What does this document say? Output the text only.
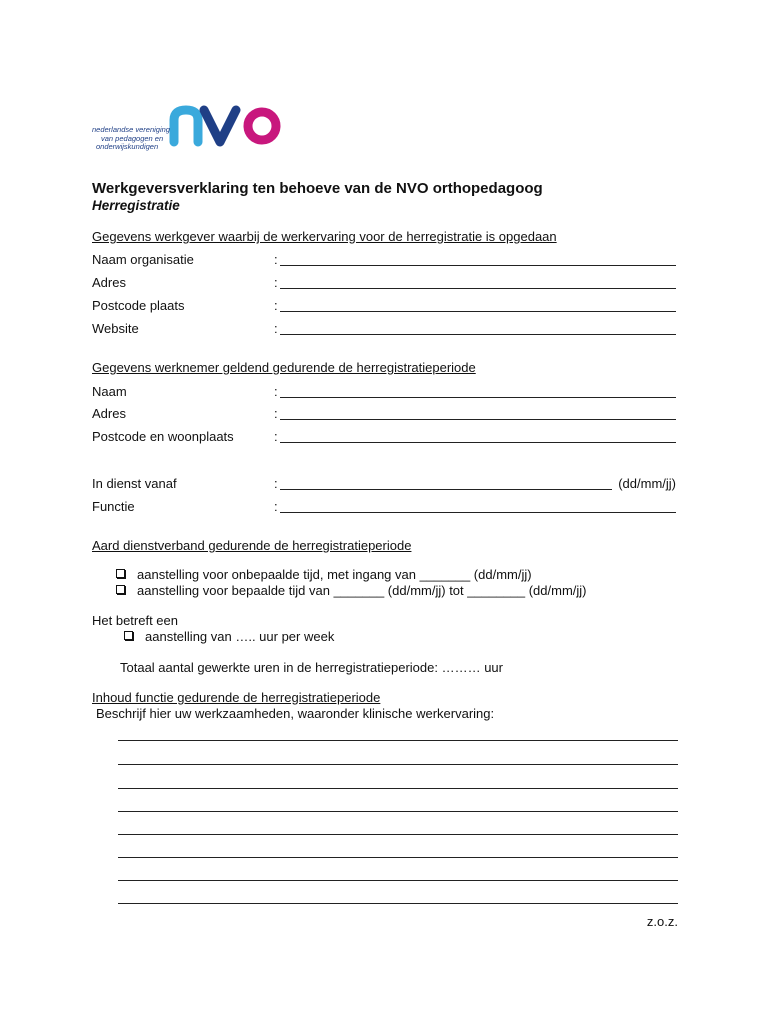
nederlandse vereniging
van pedagogen en
onderwijskundigen
Werkgeversverklaring ten behoeve van de NVO orthopedagoog
Herregistratie
Gegevens werkgever waarbij de werkervaring voor de herregistratie is opgedaan
Naam organisatie	:
Adres	:
Postcode plaats	:
Website	:
Gegevens werknemer geldend gedurende de herregistratieperiode
Naam	:
Adres	:
Postcode en woonplaats	:
In dienst vanaf	:	(dd/mm/jj)
Functie	:
Aard dienstverband gedurende de herregistratieperiode
aanstelling voor onbepaalde tijd, met ingang van _______ (dd/mm/jj)
aanstelling voor bepaalde tijd van _______ (dd/mm/jj) tot ________ (dd/mm/jj)
Het betreft een
aanstelling van ….. uur per week
Totaal aantal gewerkte uren in de herregistratieperiode: ……… uur
Inhoud functie gedurende de herregistratieperiode
Beschrijf hier uw werkzaamheden, waaronder klinische werkervaring:
z.o.z.
